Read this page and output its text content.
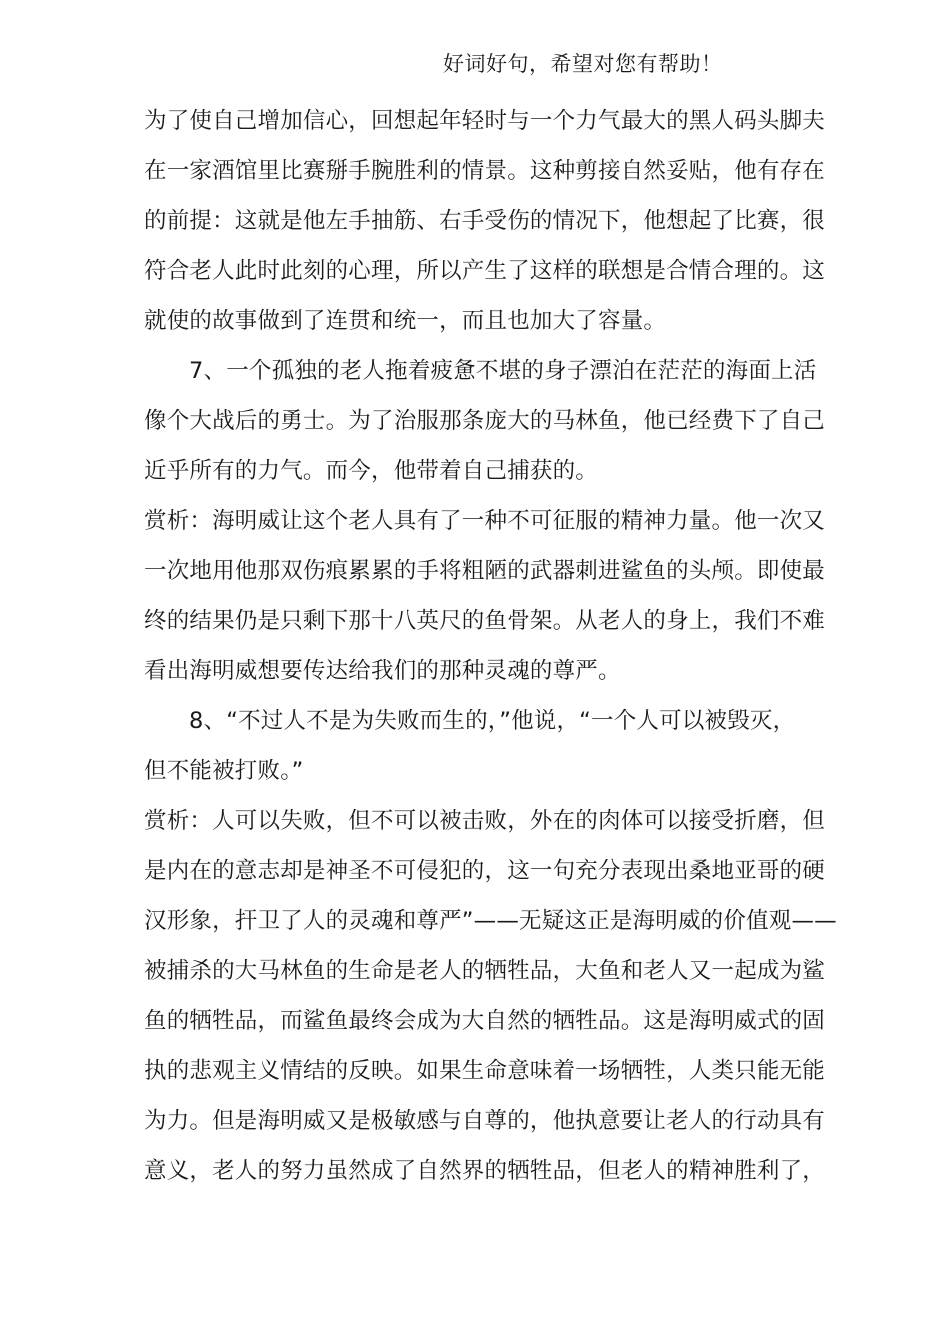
好词好句，希望对您有帮助！
为了使自己增加信心，回想起年轻时与一个力气最大的黑人码头脚夫
在一家酒馆里比赛掰手腕胜利的情景。这种剪接自然妥贴，他有存在
的前提：这就是他左手抽筋、右手受伤的情况下，他想起了比赛，很
符合老人此时此刻的心理，所以产生了这样的联想是合情合理的。这
就使的故事做到了连贯和统一，而且也加大了容量。
7、一个孤独的老人拖着疲惫不堪的身子漂泊在茫茫的海面上活
像个大战后的勇士。为了治服那条庞大的马林鱼，他已经费下了自己
近乎所有的力气。而今，他带着自己捕获的。
赏析：海明威让这个老人具有了一种不可征服的精神力量。他一次又
一次地用他那双伤痕累累的手将粗陋的武器刺进鲨鱼的头颅。即使最
终的结果仍是只剩下那十八英尺的鱼骨架。从老人的身上，我们不难
看出海明威想要传达给我们的那种灵魂的尊严。
8、“不过人不是为失败而生的，”他说，“一个人可以被毁灭，
但不能被打败。”
赏析：人可以失败，但不可以被击败，外在的肉体可以接受折磨，但
是内在的意志却是神圣不可侵犯的，这一句充分表现出桑地亚哥的硬
汉形象，扞卫了人的灵魂和尊严”——无疑这正是海明威的价值观——
被捕杀的大马林鱼的生命是老人的牺牲品，大鱼和老人又一起成为鲨
鱼的牺牲品，而鲨鱼最终会成为大自然的牺牲品。这是海明威式的固
执的悲观主义情结的反映。如果生命意味着一场牺牲，人类只能无能
为力。但是海明威又是极敏感与自尊的，他执意要让老人的行动具有
意义，老人的努力虽然成了自然界的牺牲品，但老人的精神胜利了，
